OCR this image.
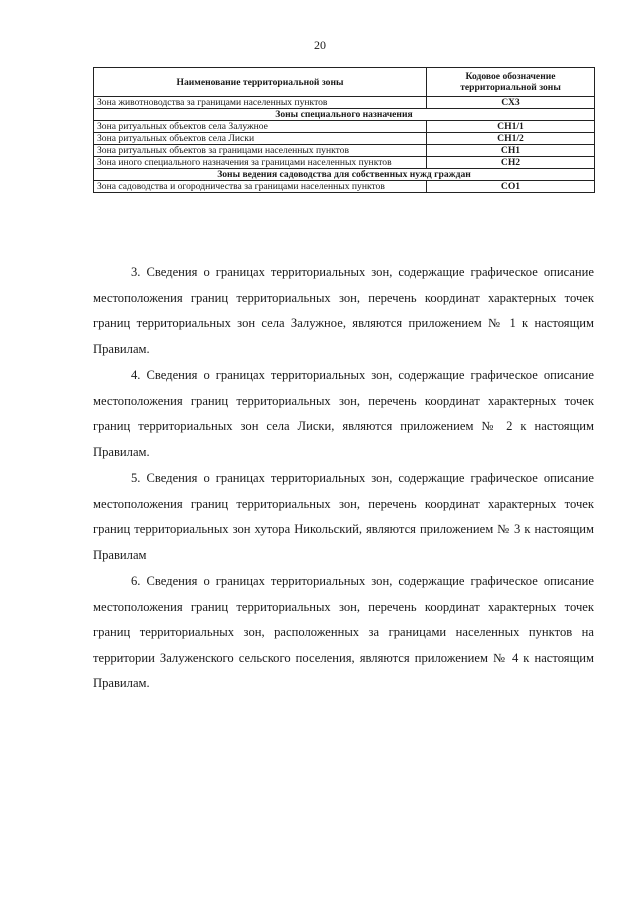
20
Наименование территориальной зоны	Кодовое обозначение территориальной зоны
Зона животноводства за границами населенных пунктов	СХ3
Зоны специального назначения	
Зона ритуальных объектов села Залужное	СН1/1
Зона ритуальных объектов села Лиски	СН1/2
Зона ритуальных объектов за границами населенных пунктов	СН1
Зона иного специального назначения за границами населенных пунктов	СН2
Зоны ведения садоводства для собственных нужд граждан	
Зона садоводства и огородничества за границами населенных пунктов	СО1

3. Сведения о границах территориальных зон, содержащие графическое описание местоположения границ территориальных зон, перечень координат характерных точек границ территориальных зон села Залужное, являются приложением № 1 к настоящим Правилам.

4. Сведения о границах территориальных зон, содержащие графическое описание местоположения границ территориальных зон, перечень координат характерных точек границ территориальных зон села Лиски, являются приложением № 2 к настоящим Правилам.

5. Сведения о границах территориальных зон, содержащие графическое описание местоположения границ территориальных зон, перечень координат характерных точек границ территориальных зон хутора Никольский, являются приложением № 3 к настоящим Правилам

6. Сведения о границах территориальных зон, содержащие графическое описание местоположения границ территориальных зон, перечень координат характерных точек границ территориальных зон, расположенных за границами населенных пунктов на территории Залуженского сельского поселения, являются приложением № 4 к настоящим Правилам.
